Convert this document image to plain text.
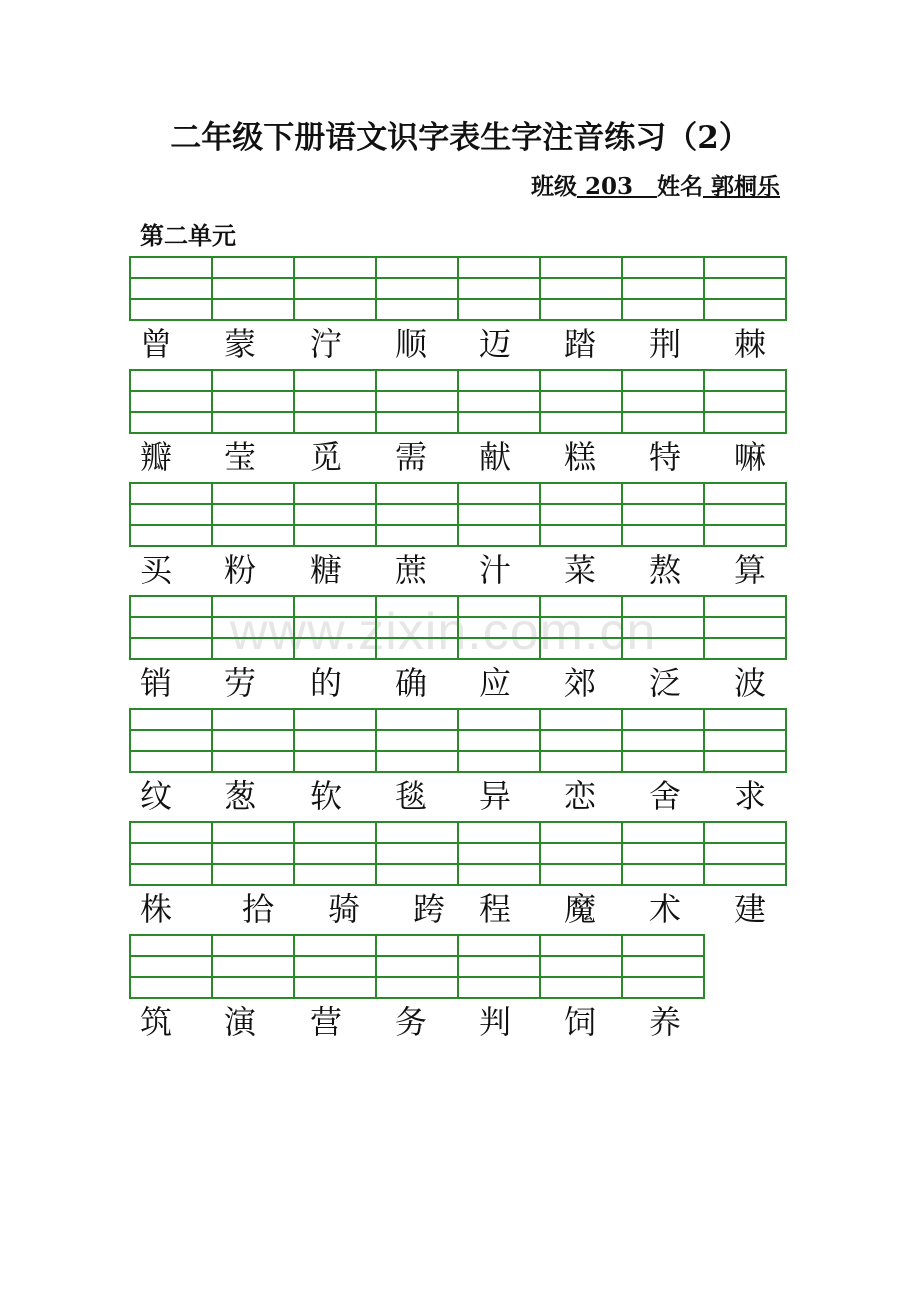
二年级下册语文识字表生字注音练习（2）
班级 203   姓名 郭桐乐
第二单元
www.zixin.com.cn

曾 蒙 泞 顺 迈 踏 荆 棘

瓣 莹 觅 需 献 糕 特 嘛

买 粉 糖 蔗 汁 菜 熬 算

销 劳 的 确 应 郊 泛 波

纹 葱 软 毯 异 恋 舍 求

株 拾 骑 跨 程 魔 术 建

筑 演 营 务 判 饲 养
